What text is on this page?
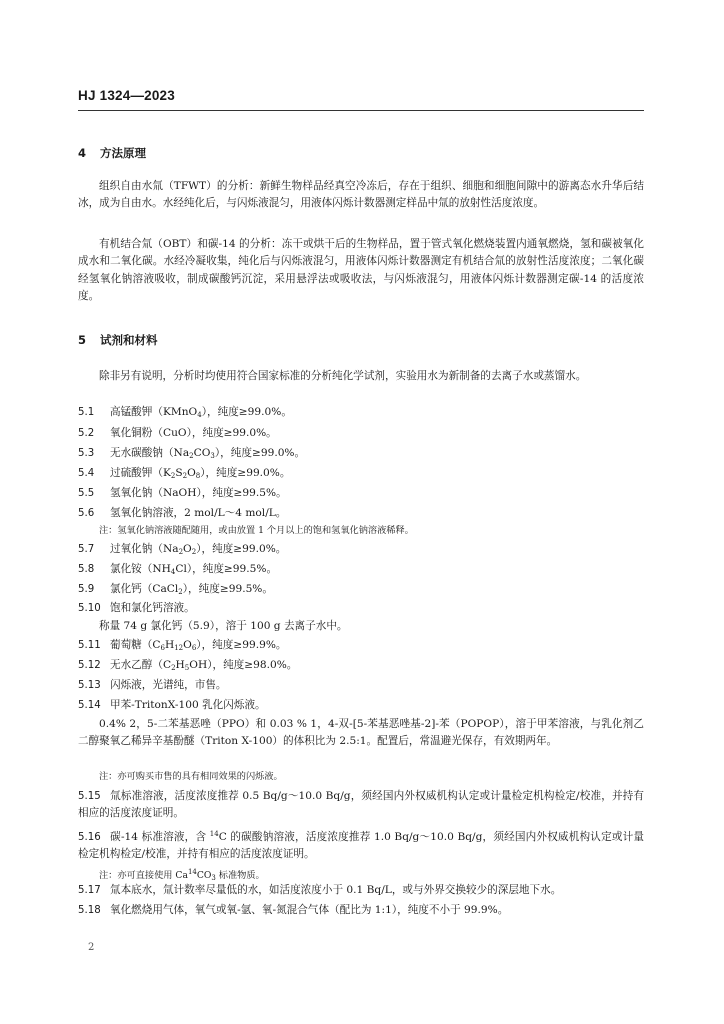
HJ 1324—2023
4 方法原理

组织自由水氚（TFWT）的分析：新鲜生物样品经真空冷冻后，存在于组织、细胞和细胞间隙中的游离态水升华后结冰，成为自由水。水经纯化后，与闪烁液混匀，用液体闪烁计数器测定样品中氚的放射性活度浓度。

有机结合氚（OBT）和碳-14 的分析：冻干或烘干后的生物样品，置于管式氧化燃烧装置内通氧燃烧，氢和碳被氧化成水和二氧化碳。水经冷凝收集，纯化后与闪烁液混匀，用液体闪烁计数器测定有机结合氚的放射性活度浓度；二氧化碳经氢氧化钠溶液吸收，制成碳酸钙沉淀，采用悬浮法或吸收法，与闪烁液混匀，用液体闪烁计数器测定碳-14 的活度浓度。

5 试剂和材料

除非另有说明，分析时均使用符合国家标准的分析纯化学试剂，实验用水为新制备的去离子水或蒸馏水。

5.1 高锰酸钾（KMnO$_4$），纯度≥99.0%。

5.2 氧化铜粉（CuO），纯度≥99.0%。

5.3 无水碳酸钠$(Na_2CO_3)$，纯度≥99.0%。

5.4 过硫酸钾$(K_2S_2O_8)$，纯度≥99.0%。

5.5 氢氧化钠（NaOH），纯度≥99.5%。

5.6 氢氧化钠溶液，2 mol/L～4 mol/L。

注：氢氧化钠溶液随配随用，或由放置 1 个月以上的饱和氢氧化钠溶液稀释。

5.7 过氧化钠$(Na_2O_2)$，纯度≥99.0%。

5.8 氯化铵$(NH_4Cl)$，纯度≥99.5%。

5.9 氯化钙（CaCl$_2$），纯度≥99.5%。

5.10 饱和氯化钙溶液。

称量 74 g 氯化钙（5.9），溶于 100 g 去离子水中。

5.11 葡萄糖$(C_6H_{12}O_6)$，纯度≥99.9%。

5.12 无水乙醇$(C_2H_5OH)$，纯度≥98.0%。

5.13 闪烁液，光谱纯，市售。

5.14 甲苯-TritonX-100 乳化闪烁液。

0.4% 2，5-二苯基恶唑（PPO）和 0.03 % 1，4-双-[5-苯基恶唑基-2]-苯（POPOP），溶于甲苯溶液，与乳化剂乙二醇聚氧乙稀异辛基酚醚（Triton X-100）的体积比为 2.5:1。配置后，常温避光保存，有效期两年。

注：亦可购买市售的具有相同效果的闪烁液。

5.15 氚标准溶液，活度浓度推荐 0.5 Bq/g～10.0 Bq/g，须经国内外权威机构认定或计量检定机构检定/校准，并持有相应的活度浓度证明。

5.16 碳-14 标准溶液，含 $^{14}$C 的碳酸钠溶液，活度浓度推荐 1.0 Bq/g～10.0 Bq/g，须经国内外权威机构认定或计量检定机构检定/校准，并持有相应的活度浓度证明。

注：亦可直接使用 $Ca^{14}CO_3$ 标准物质。

5.17 氚本底水，氚计数率尽量低的水，如活度浓度小于 0.1 Bq/L，或与外界交换较少的深层地下水。

5.18 氧化燃烧用气体，氧气或氧-氩、氧-氮混合气体（配比为 1:1），纯度不小于 99.9%。

2
